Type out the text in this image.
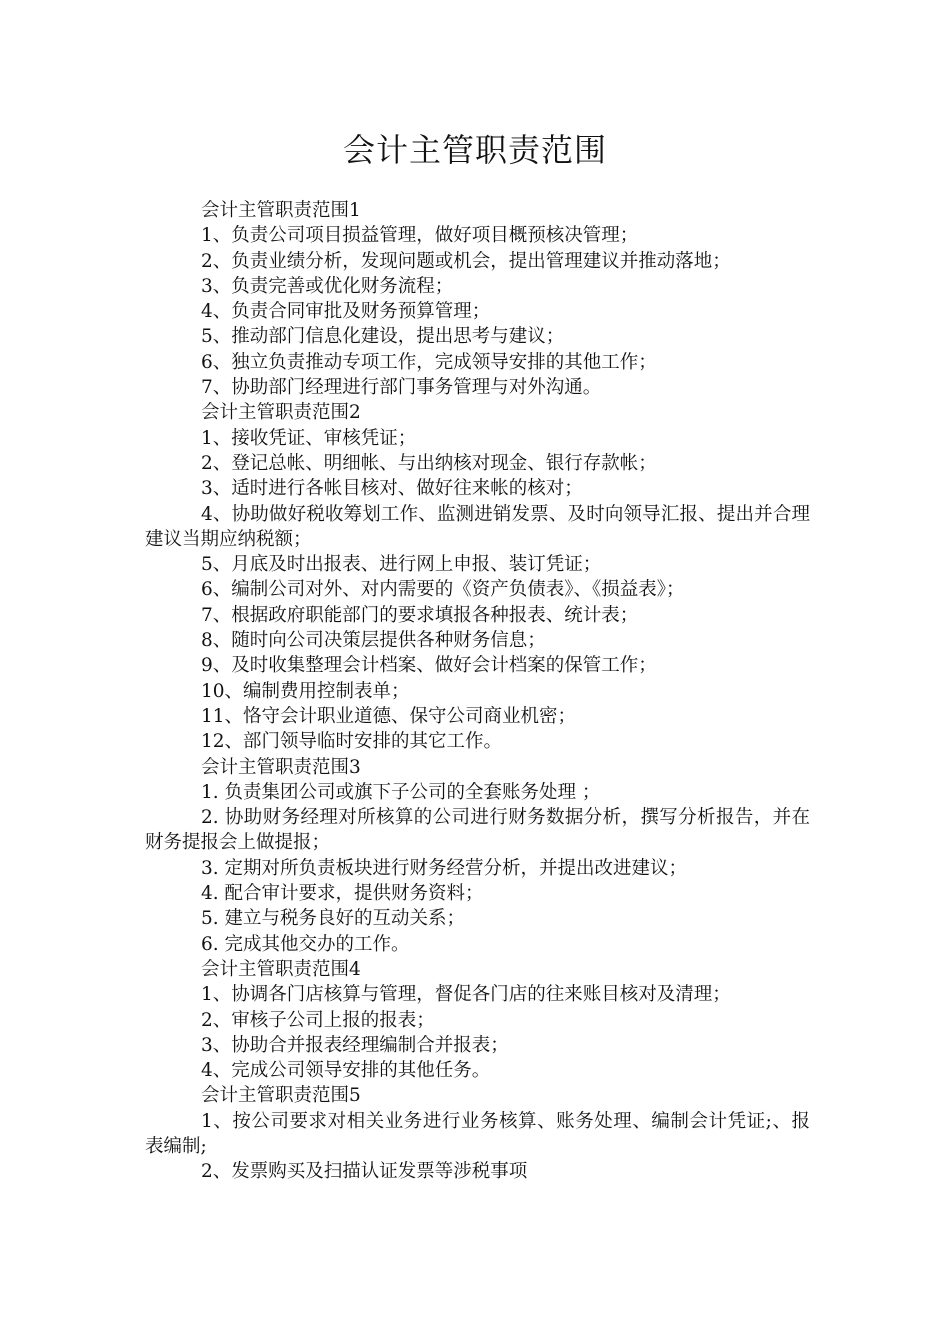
会计主管职责范围

会计主管职责范围1

1、负责公司项目损益管理，做好项目概预核决管理；

2、负责业绩分析，发现问题或机会，提出管理建议并推动落地；

3、负责完善或优化财务流程；

4、负责合同审批及财务预算管理；

5、推动部门信息化建设，提出思考与建议；

6、独立负责推动专项工作，完成领导安排的其他工作；

7、协助部门经理进行部门事务管理与对外沟通。

会计主管职责范围2

1、接收凭证、审核凭证；

2、登记总帐、明细帐、与出纳核对现金、银行存款帐；

3、适时进行各帐目核对、做好往来帐的核对；

4、协助做好税收筹划工作、监测进销发票、及时向领导汇报、提出并合理建议当期应纳税额；

5、月底及时出报表、进行网上申报、装订凭证；

6、编制公司对外、对内需要的《资产负债表》、《损益表》；

7、根据政府职能部门的要求填报各种报表、统计表；

8、随时向公司决策层提供各种财务信息；

9、及时收集整理会计档案、做好会计档案的保管工作；

10、编制费用控制表单；

11、恪守会计职业道德、保守公司商业机密；

12、部门领导临时安排的其它工作。

会计主管职责范围3

1. 负责集团公司或旗下子公司的全套账务处理 ；

2. 协助财务经理对所核算的公司进行财务数据分析，撰写分析报告，并在财务提报会上做提报；

3. 定期对所负责板块进行财务经营分析，并提出改进建议；

4. 配合审计要求，提供财务资料；

5. 建立与税务良好的互动关系；

6. 完成其他交办的工作。

会计主管职责范围4

1、协调各门店核算与管理，督促各门店的往来账目核对及清理；

2、审核子公司上报的报表；

3、协助合并报表经理编制合并报表；

4、完成公司领导安排的其他任务。

会计主管职责范围5

1、按公司要求对相关业务进行业务核算、账务处理、编制会计凭证;、报表编制;

2、发票购买及扫描认证发票等涉税事项
